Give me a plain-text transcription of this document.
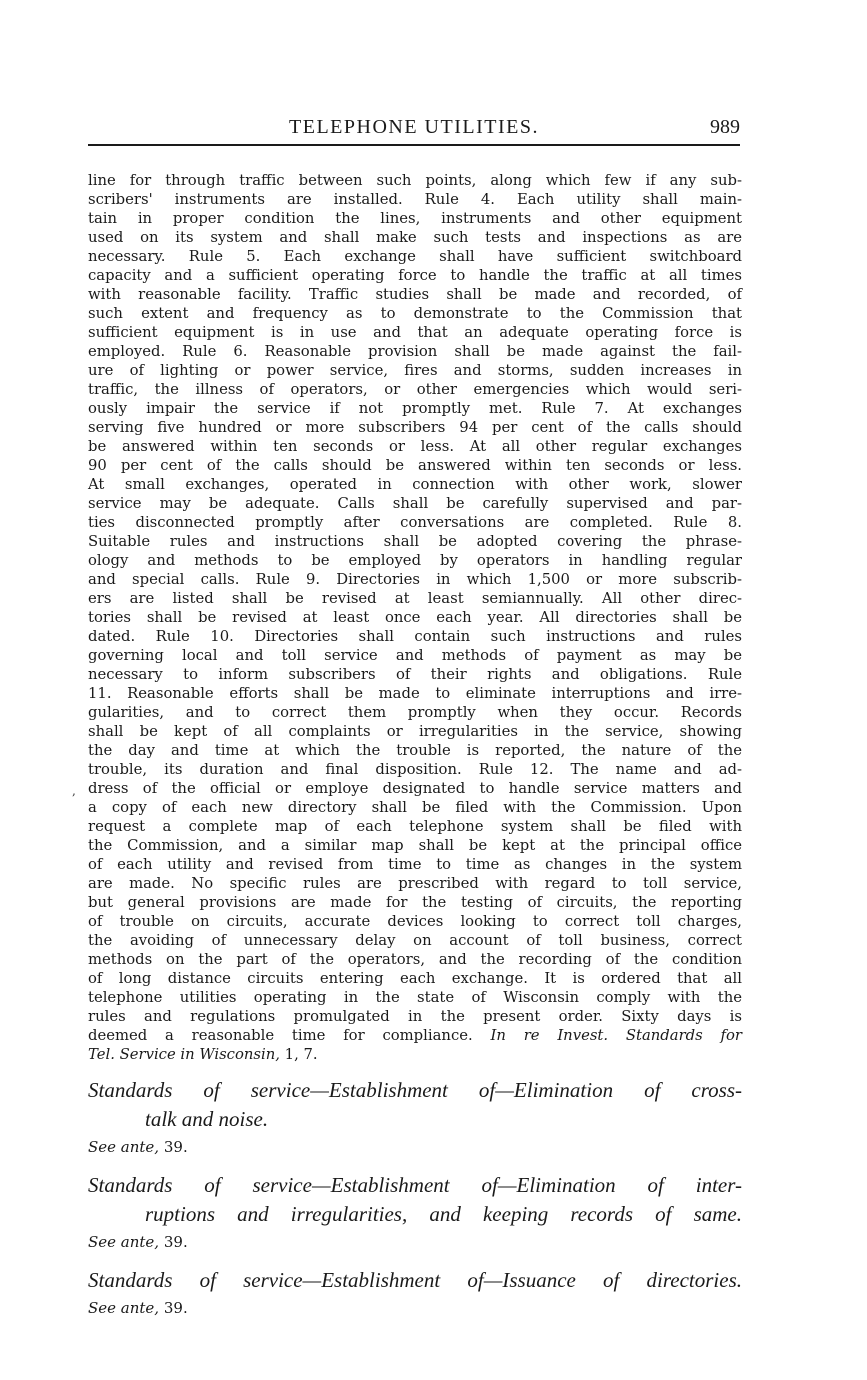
TELEPHONE UTILITIES.	989
,
line for through traffic between such points, along which few if any sub-
scribers' instruments are installed. Rule 4. Each utility shall main-
tain in proper condition the lines, instruments and other equipment
used on its system and shall make such tests and inspections as are
necessary. Rule 5. Each exchange shall have sufficient switchboard
capacity and a sufficient operating force to handle the traffic at all times
with reasonable facility. Traffic studies shall be made and recorded, of
such extent and frequency as to demonstrate to the Commission that
sufficient equipment is in use and that an adequate operating force is
employed. Rule 6. Reasonable provision shall be made against the fail-
ure of lighting or power service, fires and storms, sudden increases in
traffic, the illness of operators, or other emergencies which would seri-
ously impair the service if not promptly met. Rule 7. At exchanges
serving five hundred or more subscribers 94 per cent of the calls should
be answered within ten seconds or less. At all other regular exchanges
90 per cent of the calls should be answered within ten seconds or less.
At small exchanges, operated in connection with other work, slower
service may be adequate. Calls shall be carefully supervised and par-
ties disconnected promptly after conversations are completed. Rule 8.
Suitable rules and instructions shall be adopted covering the phrase-
ology and methods to be employed by operators in handling regular
and special calls. Rule 9. Directories in which 1,500 or more subscrib-
ers are listed shall be revised at least semiannually. All other direc-
tories shall be revised at least once each year. All directories shall be
dated. Rule 10. Directories shall contain such instructions and rules
governing local and toll service and methods of payment as may be
necessary to inform subscribers of their rights and obligations. Rule
11. Reasonable efforts shall be made to eliminate interruptions and irre-
gularities, and to correct them promptly when they occur. Records
shall be kept of all complaints or irregularities in the service, showing
the day and time at which the trouble is reported, the nature of the
trouble, its duration and final disposition. Rule 12. The name and ad-
dress of the official or employe designated to handle service matters and
a copy of each new directory shall be filed with the Commission. Upon
request a complete map of each telephone system shall be filed with
the Commission, and a similar map shall be kept at the principal office
of each utility and revised from time to time as changes in the system
are made. No specific rules are prescribed with regard to toll service,
but general provisions are made for the testing of circuits, the reporting
of trouble on circuits, accurate devices looking to correct toll charges,
the avoiding of unnecessary delay on account of toll business, correct
methods on the part of the operators, and the recording of the condition
of long distance circuits entering each exchange. It is ordered that all
telephone utilities operating in the state of Wisconsin comply with the
rules and regulations promulgated in the present order. Sixty days is
deemed a reasonable time for compliance. In re Invest. Standards for
Tel. Service in Wisconsin, 1, 7.
Standards of service—Establishment of—Elimination of cross-
talk and noise.
See ante, 39.
Standards of service—Establishment of—Elimination of inter-
ruptions and irregularities, and keeping records of same.
See ante, 39.
Standards of service—Establishment of—Issuance of directories.
See ante, 39.
